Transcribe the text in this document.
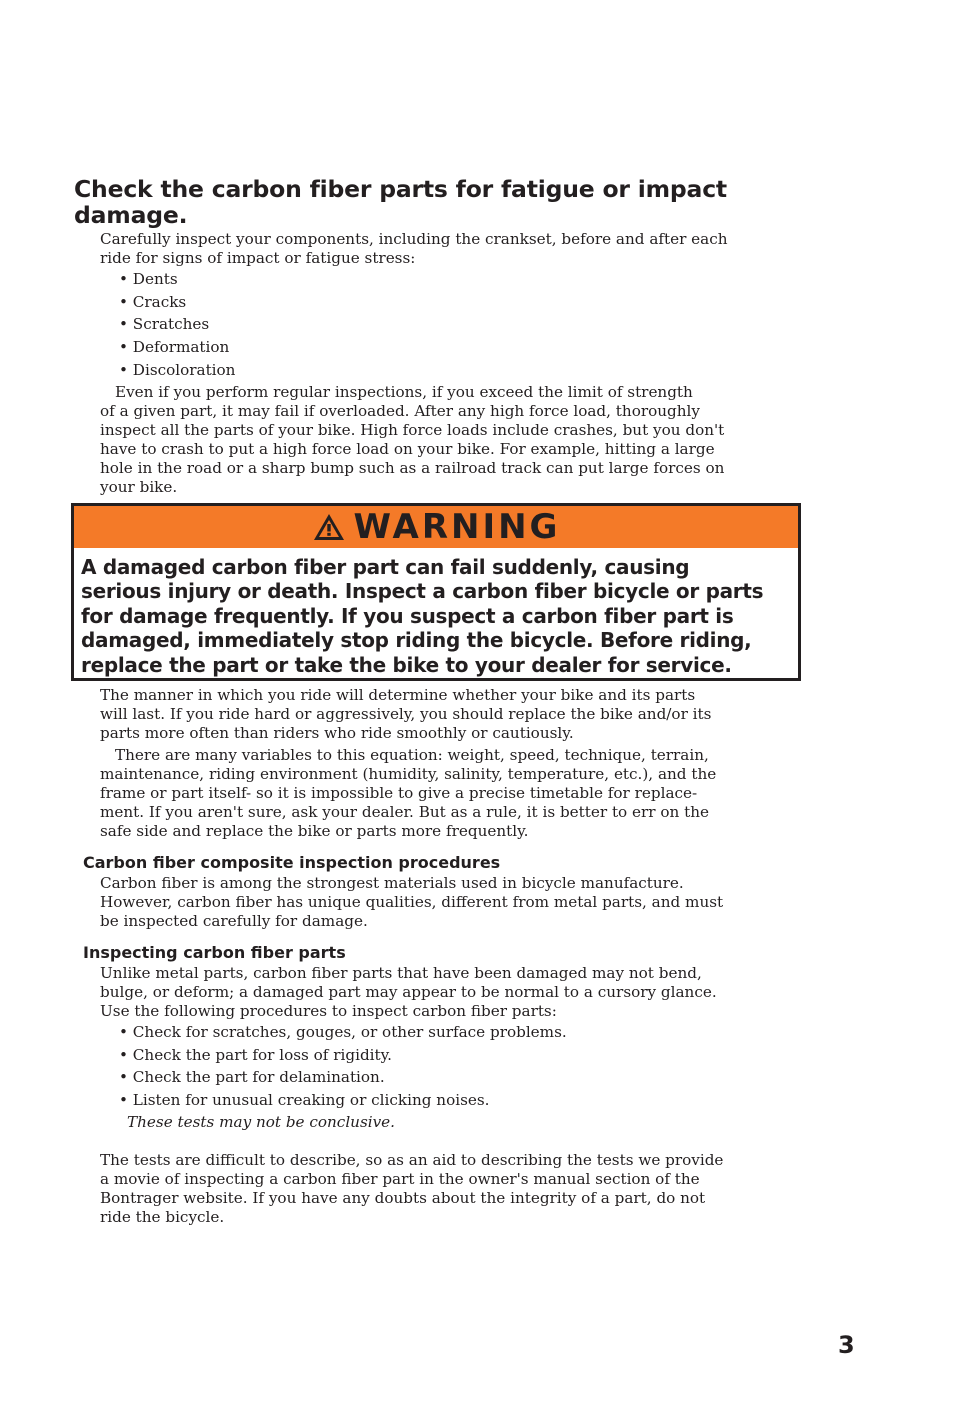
Check the carbon fiber parts for fatigue or impact
damage.
Carefully inspect your components, including the crankset, before and after each
ride for signs of impact or fatigue stress:
• Dents
• Cracks
• Scratches
• Deformation
• Discoloration
Even if you perform regular inspections, if you exceed the limit of strength
of a given part, it may fail if overloaded. After any high force load, thoroughly
inspect all the parts of your bike. High force loads include crashes, but you don't
have to crash to put a high force load on your bike. For example, hitting a large
hole in the road or a sharp bump such as a railroad track can put large forces on
your bike.
WARNING
A damaged carbon fiber part can fail suddenly, causing
serious injury or death. Inspect a carbon fiber bicycle or parts
for damage frequently. If you suspect a carbon fiber part is
damaged, immediately stop riding the bicycle. Before riding,
replace the part or take the bike to your dealer for service.
The manner in which you ride will determine whether your bike and its parts
will last. If you ride hard or aggressively, you should replace the bike and/or its
parts more often than riders who ride smoothly or cautiously.
There are many variables to this equation: weight, speed, technique, terrain,
maintenance, riding environment (humidity, salinity, temperature, etc.), and the
frame or part itself- so it is impossible to give a precise timetable for replace-
ment. If you aren't sure, ask your dealer. But as a rule, it is better to err on the
safe side and replace the bike or parts more frequently.
Carbon fiber composite inspection procedures
Carbon fiber is among the strongest materials used in bicycle manufacture.
However, carbon fiber has unique qualities, different from metal parts, and must
be inspected carefully for damage.
Inspecting carbon fiber parts
Unlike metal parts, carbon fiber parts that have been damaged may not bend,
bulge, or deform; a damaged part may appear to be normal to a cursory glance.
Use the following procedures to inspect carbon fiber parts:
• Check for scratches, gouges, or other surface problems.
• Check the part for loss of rigidity.
• Check the part for delamination.
• Listen for unusual creaking or clicking noises.
These tests may not be conclusive.
The tests are difficult to describe, so as an aid to describing the tests we provide
a movie of inspecting a carbon fiber part in the owner's manual section of the
Bontrager website. If you have any doubts about the integrity of a part, do not
ride the bicycle.
3
